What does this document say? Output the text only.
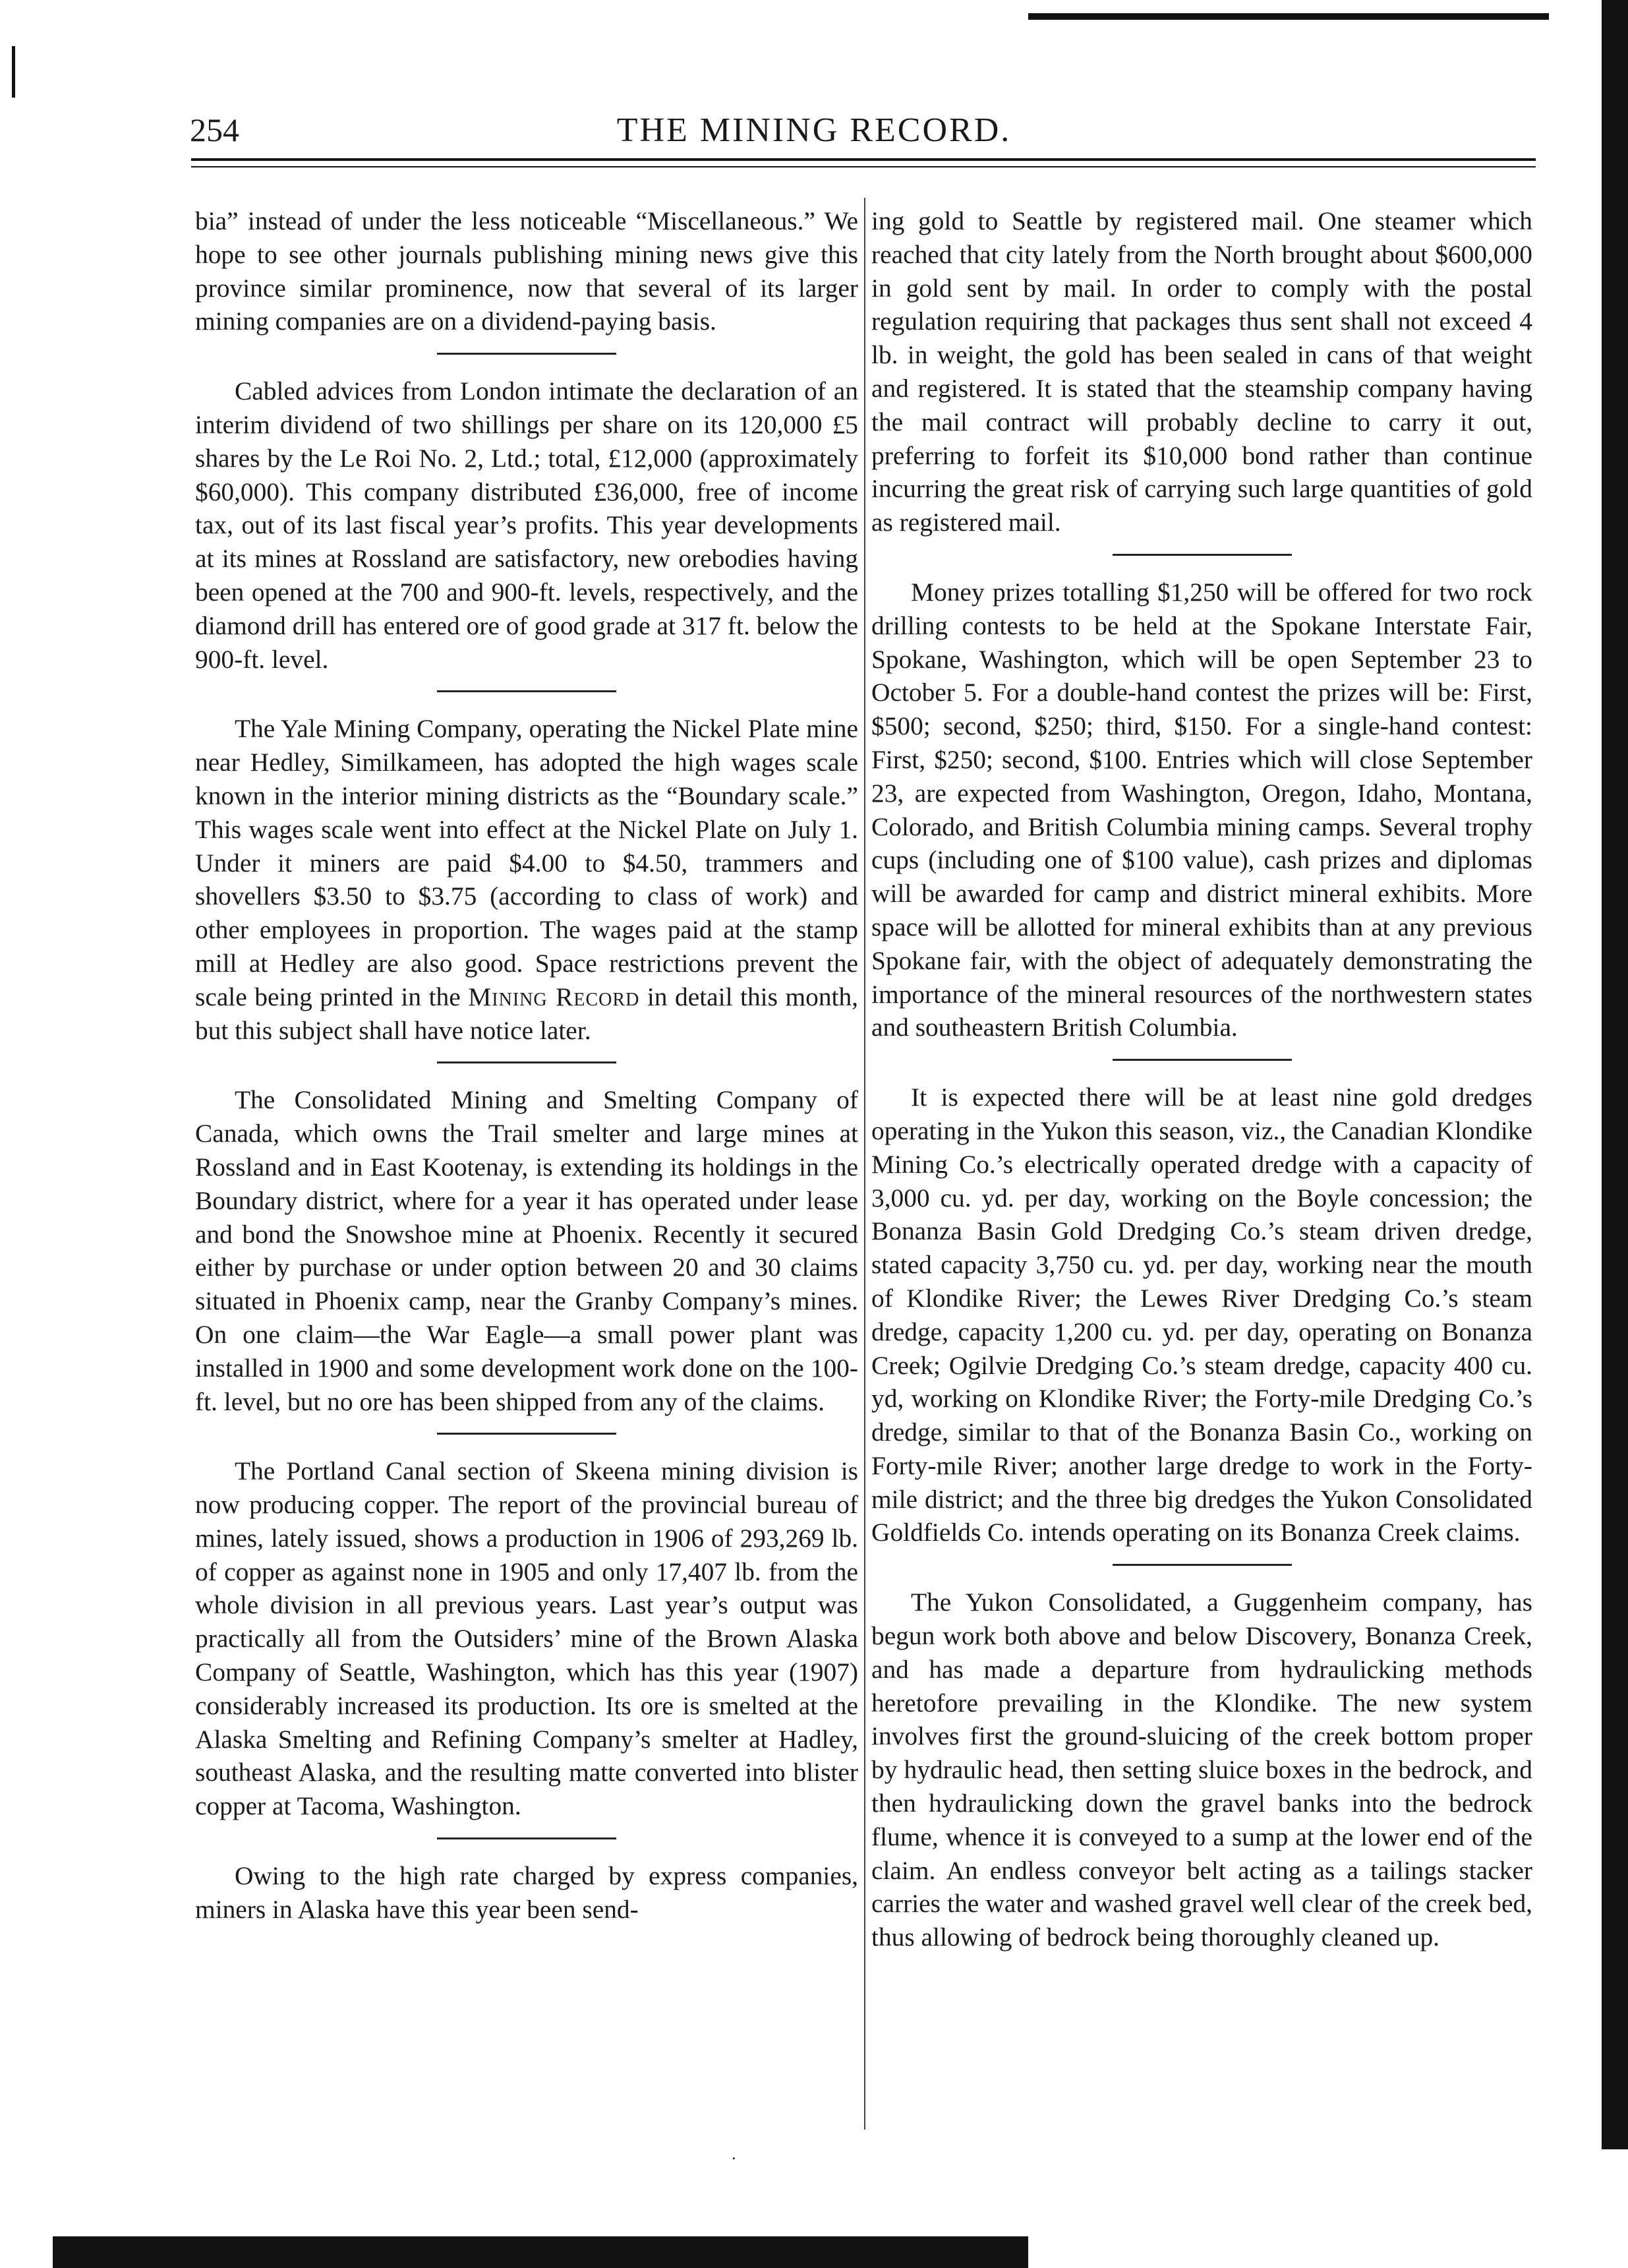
254	THE MINING RECORD.

bia” instead of under the less noticeable “Miscellaneous.” We hope to see other journals publishing mining news give this province similar prominence, now that several of its larger mining companies are on a dividend-paying basis.

Cabled advices from London intimate the declaration of an interim dividend of two shillings per share on its 120,000 £5 shares by the Le Roi No. 2, Ltd.; total, £12,000 (approximately $60,000). This company distributed £36,000, free of income tax, out of its last fiscal year’s profits. This year developments at its mines at Rossland are satisfactory, new orebodies having been opened at the 700 and 900-ft. levels, respectively, and the diamond drill has entered ore of good grade at 317 ft. below the 900-ft. level.

The Yale Mining Company, operating the Nickel Plate mine near Hedley, Similkameen, has adopted the high wages scale known in the interior mining districts as the “Boundary scale.” This wages scale went into effect at the Nickel Plate on July 1. Under it miners are paid $4.00 to $4.50, trammers and shovellers $3.50 to $3.75 (according to class of work) and other employees in proportion. The wages paid at the stamp mill at Hedley are also good. Space restrictions prevent the scale being printed in the Mining Record in detail this month, but this subject shall have notice later.

The Consolidated Mining and Smelting Company of Canada, which owns the Trail smelter and large mines at Rossland and in East Kootenay, is extending its holdings in the Boundary district, where for a year it has operated under lease and bond the Snowshoe mine at Phoenix. Recently it secured either by purchase or under option between 20 and 30 claims situated in Phoenix camp, near the Granby Company’s mines. On one claim—the War Eagle—a small power plant was installed in 1900 and some development work done on the 100-ft. level, but no ore has been shipped from any of the claims.

The Portland Canal section of Skeena mining division is now producing copper. The report of the provincial bureau of mines, lately issued, shows a production in 1906 of 293,269 lb. of copper as against none in 1905 and only 17,407 lb. from the whole division in all previous years. Last year’s output was practically all from the Outsiders’ mine of the Brown Alaska Company of Seattle, Washington, which has this year (1907) considerably increased its production. Its ore is smelted at the Alaska Smelting and Refining Company’s smelter at Hadley, southeast Alaska, and the resulting matte converted into blister copper at Tacoma, Washington.

Owing to the high rate charged by express companies, miners in Alaska have this year been send-

ing gold to Seattle by registered mail. One steamer which reached that city lately from the North brought about $600,000 in gold sent by mail. In order to comply with the postal regulation requiring that packages thus sent shall not exceed 4 lb. in weight, the gold has been sealed in cans of that weight and registered. It is stated that the steamship company having the mail contract will probably decline to carry it out, preferring to forfeit its $10,000 bond rather than continue incurring the great risk of carrying such large quantities of gold as registered mail.

Money prizes totalling $1,250 will be offered for two rock drilling contests to be held at the Spokane Interstate Fair, Spokane, Washington, which will be open September 23 to October 5. For a double-hand contest the prizes will be: First, $500; second, $250; third, $150. For a single-hand contest: First, $250; second, $100. Entries which will close September 23, are expected from Washington, Oregon, Idaho, Montana, Colorado, and British Columbia mining camps. Several trophy cups (including one of $100 value), cash prizes and diplomas will be awarded for camp and district mineral exhibits. More space will be allotted for mineral exhibits than at any previous Spokane fair, with the object of adequately demonstrating the importance of the mineral resources of the northwestern states and southeastern British Columbia.

It is expected there will be at least nine gold dredges operating in the Yukon this season, viz., the Canadian Klondike Mining Co.’s electrically operated dredge with a capacity of 3,000 cu. yd. per day, working on the Boyle concession; the Bonanza Basin Gold Dredging Co.’s steam driven dredge, stated capacity 3,750 cu. yd. per day, working near the mouth of Klondike River; the Lewes River Dredging Co.’s steam dredge, capacity 1,200 cu. yd. per day, operating on Bonanza Creek; Ogilvie Dredging Co.’s steam dredge, capacity 400 cu. yd, working on Klondike River; the Forty-mile Dredging Co.’s dredge, similar to that of the Bonanza Basin Co., working on Forty-mile River; another large dredge to work in the Forty-mile district; and the three big dredges the Yukon Consolidated Goldfields Co. intends operating on its Bonanza Creek claims.

The Yukon Consolidated, a Guggenheim company, has begun work both above and below Discovery, Bonanza Creek, and has made a departure from hydraulicking methods heretofore prevailing in the Klondike. The new system involves first the ground-sluicing of the creek bottom proper by hydraulic head, then setting sluice boxes in the bedrock, and then hydraulicking down the gravel banks into the bedrock flume, whence it is conveyed to a sump at the lower end of the claim. An endless conveyor belt acting as a tailings stacker carries the water and washed gravel well clear of the creek bed, thus allowing of bedrock being thoroughly cleaned up.

.
